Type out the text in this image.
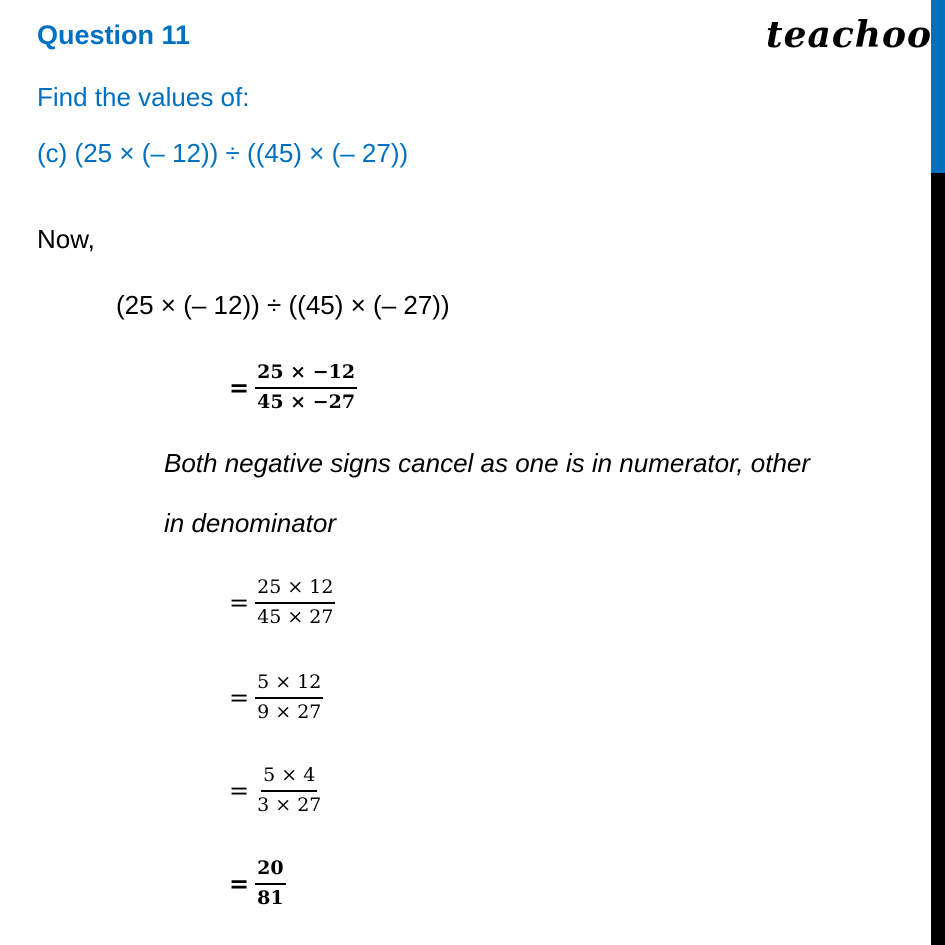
Question 11	teachoo
Find the values of:
(c) (25 × (– 12)) ÷ ((45) × (– 27))
Now,
(25 × (– 12)) ÷ ((45) × (– 27))
= $\frac{25 \times -12}{45 \times -27}$
Both negative signs cancel as one is in numerator, other
in denominator
= $\frac{25 \times 12}{45 \times 27}$
= $\frac{5 \times 12}{9 \times 27}$
= $\frac{5 \times 4}{3 \times 27}$
= $\frac{20}{81}$
